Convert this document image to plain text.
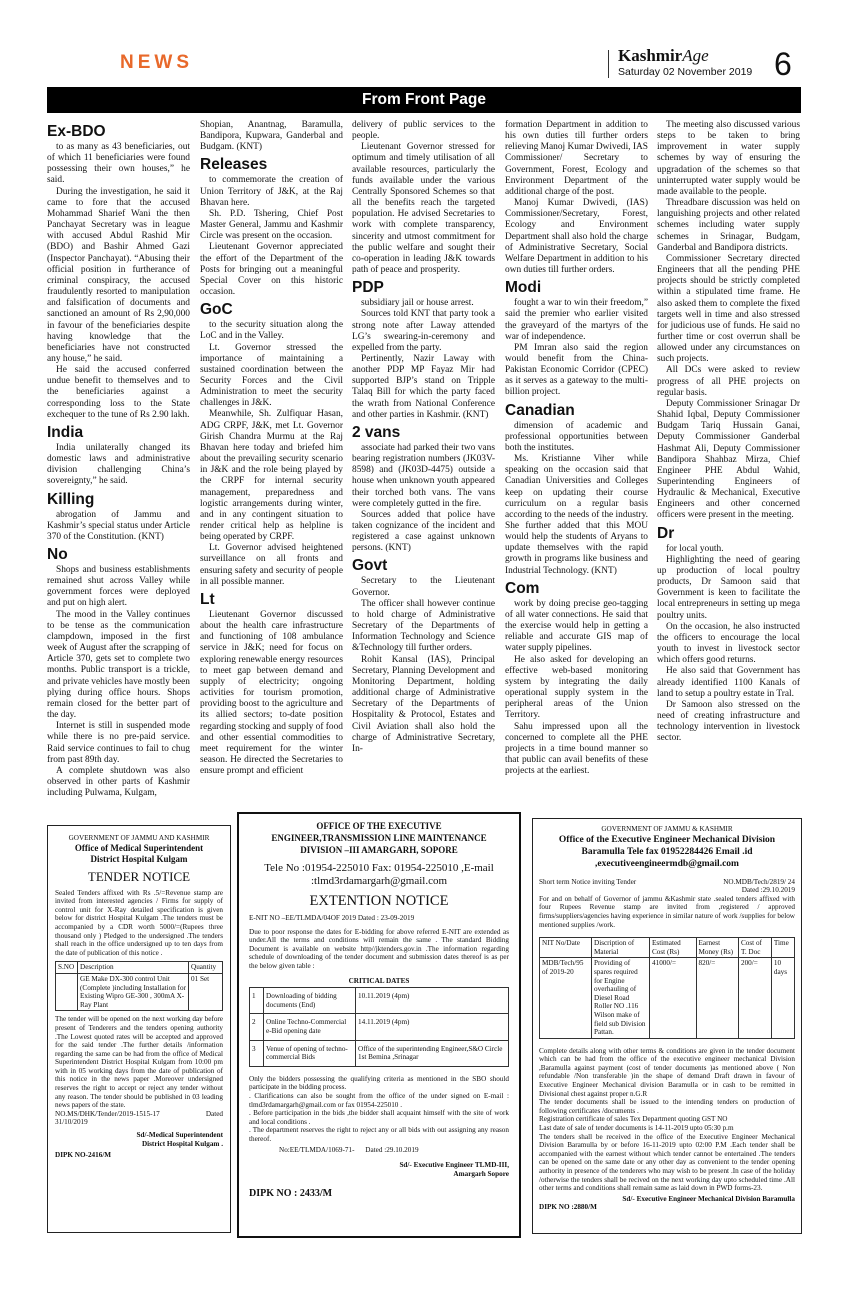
NEWS	KashmirAge
Saturday 02 November 2019 6
From Front Page
Ex-BDO

to as many as 43 beneficiaries, out of which 11 beneficiaries were found possessing their own houses,” he said.

During the investigation, he said it came to fore that the accused Mohammad Sharief Wani the then Panchayat Secretary was in league with accused Abdul Rashid Mir (BDO) and Bashir Ahmed Gazi (Inspector Panchayat). “Abusing their official position in furtherance of criminal conspiracy, the accused fraudulently resorted to manipulation and falsification of documents and sanctioned an amount of Rs 2,90,000 in favour of the beneficiaries despite having knowledge that the beneficiaries have not constructed any house,” he said.

He said the accused conferred undue benefit to themselves and to the beneficiaries against a corresponding loss to the State exchequer to the tune of Rs 2.90 lakh.

India

India unilaterally changed its domestic laws and administrative division challenging China’s sovereignty,” he said.

Killing

abrogation of Jammu and Kashmir’s special status under Article 370 of the Constitution. (KNT)

No

Shops and business establishments remained shut across Valley while government forces were deployed and put on high alert.

The mood in the Valley continues to be tense as the communication clampdown, imposed in the first week of August after the scrapping of Article 370, gets set to complete two months. Public transport is a trickle, and private vehicles have mostly been plying during office hours. Shops remain closed for the better part of the day.

Internet is still in suspended mode while there is no pre-paid service. Raid service continues to fail to chug from past 89th day.

A complete shutdown was also observed in other parts of Kashmir including Pulwama, Kulgam,

Shopian, Anantnag, Baramulla, Bandipora, Kupwara, Ganderbal and Budgam. (KNT)

Releases

to commemorate the creation of Union Territory of J&K, at the Raj Bhavan here.

Sh. P.D. Tshering, Chief Post Master General, Jammu and Kashmir Circle was present on the occasion.

Lieutenant Governor appreciated the effort of the Department of the Posts for bringing out a meaningful Special Cover on this historic occasion.

GoC

to the security situation along the LoC and in the Valley.

Lt. Governor stressed the importance of maintaining a sustained coordination between the Security Forces and the Civil Administration to meet the security challenges in J&K.

Meanwhile, Sh. Zulfiquar Hasan, ADG CRPF, J&K, met Lt. Governor Girish Chandra Murmu at the Raj Bhavan here today and briefed him about the prevailing security scenario in J&K and the role being played by the CRPF for internal security management, preparedness and logistic arrangements during winter, and in any contingent situation to render critical help as helpline is being operated by CRPF.

Lt. Governor advised heightened surveillance on all fronts and ensuring safety and security of people in all possible manner.

Lt

Lieutenant Governor discussed about the health care infrastructure and functioning of 108 ambulance service in J&K; need for focus on exploring renewable energy resources to meet gap between demand and supply of electricity; ongoing activities for tourism promotion, providing boost to the agriculture and its allied sectors; to-date position regarding stocking and supply of food and other essential commodities to meet requirement for the winter season. He directed the Secretaries to ensure prompt and efficient

delivery of public services to the people.

Lieutenant Governor stressed for optimum and timely utilisation of all available resources, particularly the funds available under the various Centrally Sponsored Schemes so that all the benefits reach the targeted population. He advised Secretaries to work with complete transparency, sincerity and utmost commitment for the public welfare and sought their co-operation in leading J&K towards path of peace and prosperity.

PDP

subsidiary jail or house arrest.

Sources told KNT that party took a strong note after Laway attended LG’s swearing-in-ceremony and expelled from the party.

Pertinently, Nazir Laway with another PDP MP Fayaz Mir had supported BJP’s stand on Tripple Talaq Bill for which the party faced the wrath from National Conference and other parties in Kashmir. (KNT)

2 vans

associate had parked their two vans bearing registration numbers (JK03V-8598) and (JK03D-4475) outside a house when unknown youth appeared their torched both vans. The vans were completely gutted in the fire.

Sources added that police have taken cognizance of the incident and registered a case against unknown persons. (KNT)

Govt

Secretary to the Lieutenant Governor.

The officer shall however continue to hold charge of Administrative Secretary of the Departments of Information Technology and Science &Technology till further orders.

Rohit Kansal (IAS), Principal Secretary, Planning Development and Monitoring Department, holding additional charge of Administrative Secretary of the Departments of Hospitality & Protocol, Estates and Civil Aviation shall also hold the charge of Administrative Secretary, In-

formation Department in addition to his own duties till further orders relieving Manoj Kumar Dwivedi, IAS Commissioner/ Secretary to Government, Forest, Ecology and Environment Department of the additional charge of the post.

Manoj Kumar Dwivedi, (IAS) Commissioner/Secretary, Forest, Ecology and Environment Department shall also hold the charge of Administrative Secretary, Social Welfare Department in addition to his own duties till further orders.

Modi

fought a war to win their freedom,” said the premier who earlier visited the graveyard of the martyrs of the war of independence.

PM Imran also said the region would benefit from the China-Pakistan Economic Corridor (CPEC) as it serves as a gateway to the multi-billion project.

Canadian

dimension of academic and professional opportunities between both the institutes.

Ms. Kristianne Viher while speaking on the occasion said that Canadian Universities and Colleges keep on updating their course curriculum on a regular basis according to the needs of the industry. She further added that this MOU would help the students of Aryans to update themselves with the rapid growth in programs like business and Industrial Technology. (KNT)

Com

work by doing precise geo-tagging of all water connections. He said that the exercise would help in getting a reliable and accurate GIS map of water supply pipelines.

He also asked for developing an effective web-based monitoring system by integrating the daily operational supply system in the peripheral areas of the Union Territory.

Sahu impressed upon all the concerned to complete all the PHE projects in a time bound manner so that public can avail benefits of these projects at the earliest.

The meeting also discussed various steps to be taken to bring improvement in water supply schemes by way of ensuring the upgradation of the schemes so that uninterrupted water supply would be made available to the people.

Threadbare discussion was held on languishing projects and other related schemes including water supply schemes in Srinagar, Budgam, Ganderbal and Bandipora districts.

Commissioner Secretary directed Engineers that all the pending PHE projects should be strictly completed within a stipulated time frame. He also asked them to complete the fixed targets well in time and also stressed for judicious use of funds. He said no further time or cost overrun shall be allowed under any circumstances on such projects.

All DCs were asked to review progress of all PHE projects on regular basis.

Deputy Commissioner Srinagar Dr Shahid Iqbal, Deputy Commissioner Budgam Tariq Hussain Ganai, Deputy Commissioner Ganderbal Hashmat Ali, Deputy Commissioner Bandipora Shahbaz Mirza, Chief Engineer PHE Abdul Wahid, Superintending Engineers of Hydraulic & Mechanical, Executive Engineers and other concerned officers were present in the meeting.

Dr

for local youth.

Highlighting the need of gearing up production of local poultry products, Dr Samoon said that Government is keen to facilitate the local entrepreneurs in setting up mega poultry units.

On the occasion, he also instructed the officers to encourage the local youth to invest in livestock sector which offers good returns.

He also said that Government has already identified 1100 Kanals of land to setup a poultry estate in Tral.

Dr Samoon also stressed on the need of creating infrastructure and technology intervention in livestock sector.

GOVERNMENT OF JAMMU AND KASHMIR
Office of Medical Superintendent
District Hospital Kulgam
TENDER NOTICE
Sealed Tenders affixed with Rs .5/=Revenue stamp are invited from interested agencies / Firms for supply of control unit for X-Ray detailed specification is given below for district Hospital Kulgam .The tenders must be accompanied by a CDR worth 5000/=(Rupees three thousand only ) Pledged to the undersigned .The tenders shall reach in the office undersigned up to ten days from the date of publication of this notice .
S.NO	Description	Quantity
	GE Make DX-300 control Unit (Complete )including Installation for Existing Wipro GE-300 , 300mA X-Ray Plant	01 Set
The tender will be opened on the next working day before present of Tenderers and the tenders opening authority .The Lowest quoted rates will be accepted and approved for the said tender .The further details /information regarding the same can be had from the office of Medical Superintendent District Hospital Kulgam from 10:00 pm with in 05 working days from the date of publication of this notice in the news paper .Moreover undersigned reserves the right to accept or reject any tender without any reason. The tender should be published in 03 leading news papers of the state.
NO.MS/DHK/Tender/2019-1515-17	Dated
31/10/2019
Sd/-Medical Superintendent
District Hospital Kulgam .
DIPK NO-2416/M
OFFICE OF THE EXECUTIVE
ENGINEER,TRANSMISSION LINE MAINTENANCE
DIVISION –III AMARGARH, SOPORE
Tele No :01954-225010 Fax: 01954-225010 ,E-mail :tlmd3rdamargarh@gmail.com
EXTENTION NOTICE
E-NIT NO –EE/TLMDA/04OF 2019 Dated : 23-09-2019
Due to poor response the dates for E-bidding for above referred E-NIT are extended as under.All the terms and conditions will remain the same . The standard Bidding Document is available on website http//jktenders.gov.in .The information regarding schedule of downloading of the tender document and submission dates thereof is as per the below given table :
CRITICAL DATES
1	Downloading of bidding documents (End)	10.11.2019 (4pm)
2	Online Techno-Commercial e-Bid opening date	14.11.2019 (4pm)
3	Venue of opening of techno-commercial Bids	Office of the superintending Engineer,S&O Circle 1st Bemina ,Srinagar
Only the bidders possessing the qualifying criteria as mentioned in the SBO should participate in the bidding process.
. Clarifications can also be sought from the office of the under signed on E-mail : tlmd3rdamargarh@gmail.com or fax 01954-225010 .
. Before participation in the bids ,the bidder shall acquaint himself with the site of work and local conditions .
. The department reserves the right to reject any or all bids with out assigning any reason thereof.
No:EE/TLMDA/1069-71- Dated :29.10.2019
Sd/- Executive Engineer TLMD-III,
Amargarh Sopore
DIPK NO : 2433/M
GOVERNMENT OF JAMMU & KASHMIR
Office of the Executive Engineer Mechanical Division
Baramulla Tele fax 01952284426 Email .id ,executiveengineermdb@gmail.com
Short term Notice inviting Tender	NO.MDB/Tech/2819/ 24
Dated :29.10.2019
For and on behalf of Governor of jammu &Kashmir state .sealed tenders affixed with four Rupees Revenue stamp are invited from ,registered / approved firms/suppliers/agencies having experience in similar nature of work /supplies for below mentioned supplies /work.
NIT No/Date	Discription of Material	Estimated Cost (Rs)	Earnest Money (Rs)	Cost of T. Doc	Time
MDB/Tech/95 of 2019-20	Providing of spares required for Engine overhauling of Diesel Road Roller NO .116 Wilson make of field sub Division Pattan.	41000/=	820/=	200/=	10 days
Complete details along with other terms & conditions are given in the tender document which can be had from the office of the executive engineer mechanical Division ,Baramulla against payment (cost of tender documents )as mentioned above ( Non refundable /Non transferable )in the shape of demand Draft drawn in favour of Executive Engineer Mechanical division Baramulla or in cash to be remitted in Divisional chest against proper n.G.R
The tender documents shall be issued to the intending tenders on production of following certificates /documents .
Registration certificate of sales Tex Department quoting GST NO
Last date of sale of tender documents is 14-11-2019 upto 05:30 p.m
The tenders shall be received in the office of the Executive Engineer Mechanical Division Baramulla by or before 16-11-2019 upto 02:00 P.M .Each tender shall be accompanied with the earnest without which tender cannot be entertained .The tenders can be opened on the same date or any other day as convenient to the tender opening authority in presence of the tenderers who may wish to be present .In case of the holiday /otherwise the tenders shall be recived on the next working day upto scheduled time .All other terms and conditions shall remain same as laid down in PWD forms-23.
Sd/- Executive Engineer Mechanical Division Baramulla
DIPK NO :2880/M
